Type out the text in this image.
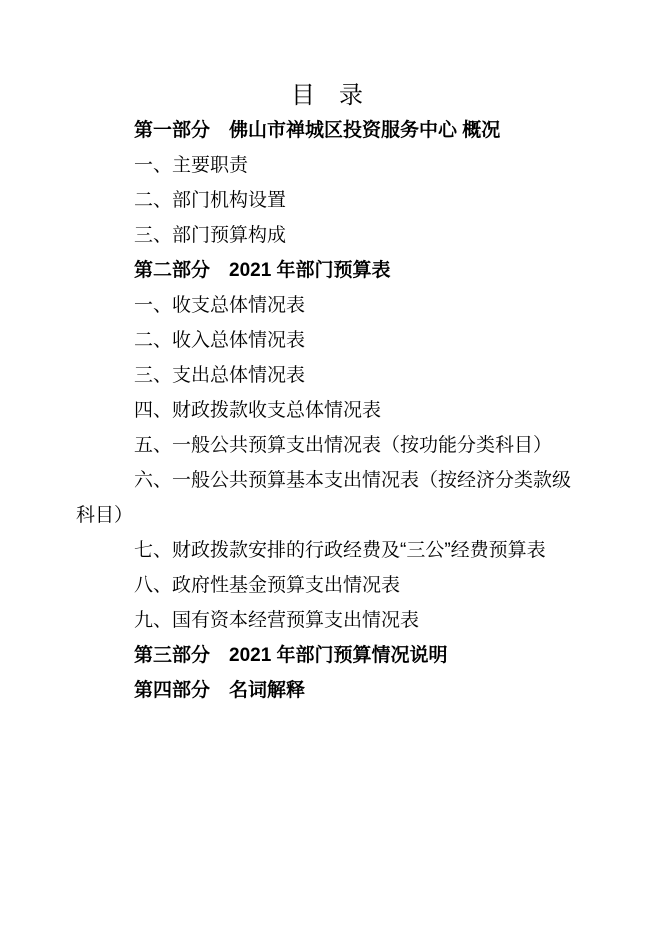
目　录

第一部分　佛山市禅城区投资服务中心 概况

一、主要职责

二、部门机构设置

三、部门预算构成

第二部分　2021 年部门预算表

一、收支总体情况表

二、收入总体情况表

三、支出总体情况表

四、财政拨款收支总体情况表

五、一般公共预算支出情况表（按功能分类科目）

六、一般公共预算基本支出情况表（按经济分类款级科目）

七、财政拨款安排的行政经费及“三公”经费预算表

八、政府性基金预算支出情况表

九、国有资本经营预算支出情况表

第三部分　2021 年部门预算情况说明

第四部分　名词解释
